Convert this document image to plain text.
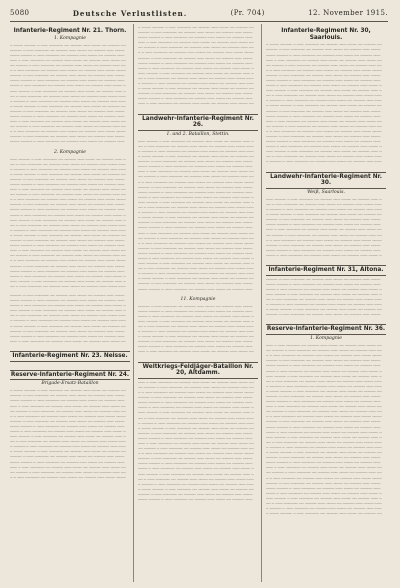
5080	Deutsche Verlustlisten.	(Pr. 704)	12. November 1915.
Infanterie-Regiment Nr. 21. Thorn.
1. Kompagnie
┄ ┄┄┄┄ ┄┄┄┄┄ ┄ ┄┄┄ ┄┄┄┄┄┄ ┄┄ ┄┄┄┄┄ ┄┄┄ ┄┄┄┄ ┄┄ ┄┄┄┄┄ ┄┄
┄┄┄┄┄ ┄ ┄┄┄ ┄┄┄┄┄┄ ┄┄ ┄┄┄┄┄ ┄┄┄ ┄┄┄┄ ┄┄ ┄┄┄┄┄ ┄┄┄ ┄┄┄┄
┄┄┄┄ ┄┄┄┄┄ ┄ ┄┄┄ ┄┄┄┄┄┄ ┄┄ ┄┄┄┄┄ ┄┄┄ ┄┄┄┄ ┄┄ ┄┄┄┄┄ ┄┄┄
┄┄┄ ┄ ┄┄┄ ┄┄┄┄┄┄ ┄┄ ┄┄┄┄┄ ┄┄┄ ┄┄┄┄ ┄┄ ┄┄┄┄┄ ┄┄┄ ┄┄┄┄ ┄┄
┄┄ ┄┄┄┄┄ ┄ ┄┄┄ ┄┄┄┄┄┄ ┄┄ ┄┄┄┄┄ ┄┄┄ ┄┄┄┄ ┄┄ ┄┄┄┄┄ ┄┄┄ ┄┄
┄ ┄ ┄┄┄ ┄┄┄┄┄┄ ┄┄ ┄┄┄┄┄ ┄┄┄ ┄┄┄┄ ┄┄ ┄┄┄┄┄ ┄┄┄ ┄┄┄┄ ┄┄┄┄
┄┄┄┄┄ ┄ ┄┄┄ ┄┄┄┄┄┄ ┄┄ ┄┄┄┄┄ ┄┄┄ ┄┄┄┄ ┄┄ ┄┄┄┄┄ ┄┄┄ ┄┄┄┄
┄┄┄┄ ┄┄┄┄┄ ┄ ┄┄┄ ┄┄┄┄┄┄ ┄┄ ┄┄┄┄┄ ┄┄┄ ┄┄┄┄ ┄┄ ┄┄┄┄┄ ┄┄┄
┄┄┄┄ ┄ ┄┄┄ ┄┄┄┄┄┄ ┄┄ ┄┄┄┄┄ ┄┄┄ ┄┄┄┄ ┄┄ ┄┄┄┄┄ ┄┄┄ ┄┄┄┄ ┄
┄┄┄ ┄┄┄┄┄ ┄ ┄┄┄ ┄┄┄┄┄┄ ┄┄ ┄┄┄┄┄ ┄┄┄ ┄┄┄┄ ┄┄ ┄┄┄┄┄ ┄┄┄ ┄
┄┄ ┄ ┄┄┄ ┄┄┄┄┄┄ ┄┄ ┄┄┄┄┄ ┄┄┄ ┄┄┄┄ ┄┄ ┄┄┄┄┄ ┄┄┄ ┄┄┄┄ ┄┄┄
┄ ┄┄┄┄┄ ┄ ┄┄┄ ┄┄┄┄┄┄ ┄┄ ┄┄┄┄┄ ┄┄┄ ┄┄┄┄ ┄┄ ┄┄┄┄┄ ┄┄┄ ┄┄┄
┄ ┄┄┄┄ ┄┄┄┄┄ ┄ ┄┄┄ ┄┄┄┄┄┄ ┄┄ ┄┄┄┄┄ ┄┄┄ ┄┄┄┄ ┄┄ ┄┄┄┄┄ ┄┄
┄┄┄┄┄ ┄ ┄┄┄ ┄┄┄┄┄┄ ┄┄ ┄┄┄┄┄ ┄┄┄ ┄┄┄┄ ┄┄ ┄┄┄┄┄ ┄┄┄ ┄┄┄┄
┄┄┄┄ ┄┄┄┄┄ ┄ ┄┄┄ ┄┄┄┄┄┄ ┄┄ ┄┄┄┄┄ ┄┄┄ ┄┄┄┄ ┄┄ ┄┄┄┄┄ ┄┄┄
┄┄┄ ┄ ┄┄┄ ┄┄┄┄┄┄ ┄┄ ┄┄┄┄┄ ┄┄┄ ┄┄┄┄ ┄┄ ┄┄┄┄┄ ┄┄┄ ┄┄┄┄ ┄┄
┄┄ ┄┄┄┄┄ ┄ ┄┄┄ ┄┄┄┄┄┄ ┄┄ ┄┄┄┄┄ ┄┄┄ ┄┄┄┄ ┄┄ ┄┄┄┄┄ ┄┄┄ ┄┄
┄ ┄ ┄┄┄ ┄┄┄┄┄┄ ┄┄ ┄┄┄┄┄ ┄┄┄ ┄┄┄┄ ┄┄ ┄┄┄┄┄ ┄┄┄ ┄┄┄┄ ┄┄┄┄
┄┄┄┄┄ ┄ ┄┄┄ ┄┄┄┄┄┄ ┄┄ ┄┄┄┄┄ ┄┄┄ ┄┄┄┄ ┄┄ ┄┄┄┄┄ ┄┄┄ ┄┄┄┄
┄┄┄┄ ┄┄┄┄┄ ┄ ┄┄┄ ┄┄┄┄┄┄ ┄┄ ┄┄┄┄┄ ┄┄┄ ┄┄┄┄ ┄┄ ┄┄┄┄┄ ┄┄┄
2. Kompagnie
┄┄┄ ┄┄┄┄┄ ┄ ┄┄┄ ┄┄┄┄┄┄ ┄┄ ┄┄┄┄┄ ┄┄┄ ┄┄┄┄ ┄┄ ┄┄┄┄┄ ┄┄┄ ┄
┄┄ ┄ ┄┄┄ ┄┄┄┄┄┄ ┄┄ ┄┄┄┄┄ ┄┄┄ ┄┄┄┄ ┄┄ ┄┄┄┄┄ ┄┄┄ ┄┄┄┄ ┄┄┄
┄ ┄┄┄┄┄ ┄ ┄┄┄ ┄┄┄┄┄┄ ┄┄ ┄┄┄┄┄ ┄┄┄ ┄┄┄┄ ┄┄ ┄┄┄┄┄ ┄┄┄ ┄┄┄
┄ ┄┄┄┄ ┄┄┄┄┄ ┄ ┄┄┄ ┄┄┄┄┄┄ ┄┄ ┄┄┄┄┄ ┄┄┄ ┄┄┄┄ ┄┄ ┄┄┄┄┄ ┄┄
┄┄┄┄┄ ┄ ┄┄┄ ┄┄┄┄┄┄ ┄┄ ┄┄┄┄┄ ┄┄┄ ┄┄┄┄ ┄┄ ┄┄┄┄┄ ┄┄┄ ┄┄┄┄
┄┄┄┄ ┄┄┄┄┄ ┄ ┄┄┄ ┄┄┄┄┄┄ ┄┄ ┄┄┄┄┄ ┄┄┄ ┄┄┄┄ ┄┄ ┄┄┄┄┄ ┄┄┄
┄┄┄ ┄ ┄┄┄ ┄┄┄┄┄┄ ┄┄ ┄┄┄┄┄ ┄┄┄ ┄┄┄┄ ┄┄ ┄┄┄┄┄ ┄┄┄ ┄┄┄┄ ┄┄
┄┄ ┄┄┄┄┄ ┄ ┄┄┄ ┄┄┄┄┄┄ ┄┄ ┄┄┄┄┄ ┄┄┄ ┄┄┄┄ ┄┄ ┄┄┄┄┄ ┄┄┄ ┄┄
┄ ┄ ┄┄┄ ┄┄┄┄┄┄ ┄┄ ┄┄┄┄┄ ┄┄┄ ┄┄┄┄ ┄┄ ┄┄┄┄┄ ┄┄┄ ┄┄┄┄ ┄┄┄┄
┄┄┄┄┄ ┄ ┄┄┄ ┄┄┄┄┄┄ ┄┄ ┄┄┄┄┄ ┄┄┄ ┄┄┄┄ ┄┄ ┄┄┄┄┄ ┄┄┄ ┄┄┄┄
┄┄┄┄ ┄┄┄┄┄ ┄ ┄┄┄ ┄┄┄┄┄┄ ┄┄ ┄┄┄┄┄ ┄┄┄ ┄┄┄┄ ┄┄ ┄┄┄┄┄ ┄┄┄
┄┄┄┄ ┄ ┄┄┄ ┄┄┄┄┄┄ ┄┄ ┄┄┄┄┄ ┄┄┄ ┄┄┄┄ ┄┄ ┄┄┄┄┄ ┄┄┄ ┄┄┄┄ ┄
┄┄┄ ┄┄┄┄┄ ┄ ┄┄┄ ┄┄┄┄┄┄ ┄┄ ┄┄┄┄┄ ┄┄┄ ┄┄┄┄ ┄┄ ┄┄┄┄┄ ┄┄┄ ┄
┄┄ ┄ ┄┄┄ ┄┄┄┄┄┄ ┄┄ ┄┄┄┄┄ ┄┄┄ ┄┄┄┄ ┄┄ ┄┄┄┄┄ ┄┄┄ ┄┄┄┄ ┄┄┄
┄ ┄┄┄┄┄ ┄ ┄┄┄ ┄┄┄┄┄┄ ┄┄ ┄┄┄┄┄ ┄┄┄ ┄┄┄┄ ┄┄ ┄┄┄┄┄ ┄┄┄ ┄┄┄
┄ ┄┄┄┄ ┄┄┄┄┄ ┄ ┄┄┄ ┄┄┄┄┄┄ ┄┄ ┄┄┄┄┄ ┄┄┄ ┄┄┄┄ ┄┄ ┄┄┄┄┄ ┄┄
┄┄┄┄┄ ┄ ┄┄┄ ┄┄┄┄┄┄ ┄┄ ┄┄┄┄┄ ┄┄┄ ┄┄┄┄ ┄┄ ┄┄┄┄┄ ┄┄┄ ┄┄┄┄
┄┄┄┄ ┄┄┄┄┄ ┄ ┄┄┄ ┄┄┄┄┄┄ ┄┄ ┄┄┄┄┄ ┄┄┄ ┄┄┄┄ ┄┄ ┄┄┄┄┄ ┄┄┄
┄┄┄ ┄ ┄┄┄ ┄┄┄┄┄┄ ┄┄ ┄┄┄┄┄ ┄┄┄ ┄┄┄┄ ┄┄ ┄┄┄┄┄ ┄┄┄ ┄┄┄┄ ┄┄
┄┄ ┄┄┄┄┄ ┄ ┄┄┄ ┄┄┄┄┄┄ ┄┄ ┄┄┄┄┄ ┄┄┄ ┄┄┄┄ ┄┄ ┄┄┄┄┄ ┄┄┄ ┄┄
┄ ┄ ┄┄┄ ┄┄┄┄┄┄ ┄┄ ┄┄┄┄┄ ┄┄┄ ┄┄┄┄ ┄┄ ┄┄┄┄┄ ┄┄┄ ┄┄┄┄ ┄┄┄┄
┄┄┄┄┄ ┄ ┄┄┄ ┄┄┄┄┄┄ ┄┄ ┄┄┄┄┄ ┄┄┄ ┄┄┄┄ ┄┄ ┄┄┄┄┄ ┄┄┄ ┄┄┄┄
┄┄┄┄ ┄┄┄┄┄ ┄ ┄┄┄ ┄┄┄┄┄┄ ┄┄ ┄┄┄┄┄ ┄┄┄ ┄┄┄┄ ┄┄ ┄┄┄┄┄ ┄┄┄
┄┄┄┄ ┄ ┄┄┄ ┄┄┄┄┄┄ ┄┄ ┄┄┄┄┄ ┄┄┄ ┄┄┄┄ ┄┄ ┄┄┄┄┄ ┄┄┄ ┄┄┄┄ ┄
┄┄┄ ┄┄┄┄┄ ┄ ┄┄┄ ┄┄┄┄┄┄ ┄┄ ┄┄┄┄┄ ┄┄┄ ┄┄┄┄ ┄┄ ┄┄┄┄┄ ┄┄┄ ┄
┄┄ ┄ ┄┄┄ ┄┄┄┄┄┄ ┄┄ ┄┄┄┄┄ ┄┄┄ ┄┄┄┄ ┄┄ ┄┄┄┄┄ ┄┄┄ ┄┄┄┄ ┄┄┄
┄┄┄┄┄ ┄ ┄┄┄ ┄┄┄┄┄┄ ┄┄ ┄┄┄┄┄ ┄┄┄ ┄┄┄┄ ┄┄ ┄┄┄┄┄ ┄┄┄ ┄┄┄┄
┄┄┄┄ ┄┄┄┄┄ ┄ ┄┄┄ ┄┄┄┄┄┄ ┄┄ ┄┄┄┄┄ ┄┄┄ ┄┄┄┄ ┄┄ ┄┄┄┄┄ ┄┄┄
┄┄┄┄ ┄ ┄┄┄ ┄┄┄┄┄┄ ┄┄ ┄┄┄┄┄ ┄┄┄ ┄┄┄┄ ┄┄ ┄┄┄┄┄ ┄┄┄ ┄┄┄┄ ┄
┄┄┄ ┄┄┄┄┄ ┄ ┄┄┄ ┄┄┄┄┄┄ ┄┄ ┄┄┄┄┄ ┄┄┄ ┄┄┄┄ ┄┄ ┄┄┄┄┄ ┄┄┄ ┄
┄┄ ┄ ┄┄┄ ┄┄┄┄┄┄ ┄┄ ┄┄┄┄┄ ┄┄┄ ┄┄┄┄ ┄┄ ┄┄┄┄┄ ┄┄┄ ┄┄┄┄ ┄┄┄
┄ ┄┄┄┄┄ ┄ ┄┄┄ ┄┄┄┄┄┄ ┄┄ ┄┄┄┄┄ ┄┄┄ ┄┄┄┄ ┄┄ ┄┄┄┄┄ ┄┄┄ ┄┄┄
┄ ┄┄┄┄ ┄┄┄┄┄ ┄ ┄┄┄ ┄┄┄┄┄┄ ┄┄ ┄┄┄┄┄ ┄┄┄ ┄┄┄┄ ┄┄ ┄┄┄┄┄ ┄┄
┄┄┄┄┄ ┄ ┄┄┄ ┄┄┄┄┄┄ ┄┄ ┄┄┄┄┄ ┄┄┄ ┄┄┄┄ ┄┄ ┄┄┄┄┄ ┄┄┄ ┄┄┄┄
┄┄┄┄ ┄┄┄┄┄ ┄ ┄┄┄ ┄┄┄┄┄┄ ┄┄ ┄┄┄┄┄ ┄┄┄ ┄┄┄┄ ┄┄ ┄┄┄┄┄ ┄┄┄
┄┄┄ ┄ ┄┄┄ ┄┄┄┄┄┄ ┄┄ ┄┄┄┄┄ ┄┄┄ ┄┄┄┄ ┄┄ ┄┄┄┄┄ ┄┄┄ ┄┄┄┄ ┄┄
Infanterie-Regiment Nr. 23. Neisse.
Reserve-Infanterie-Regiment Nr. 24.
Brigade-Ersatz-Bataillon
┄ ┄┄┄┄ ┄┄┄┄┄ ┄ ┄┄┄ ┄┄┄┄┄┄ ┄┄ ┄┄┄┄┄ ┄┄┄ ┄┄┄┄ ┄┄ ┄┄┄┄┄ ┄┄
┄┄┄┄┄ ┄ ┄┄┄ ┄┄┄┄┄┄ ┄┄ ┄┄┄┄┄ ┄┄┄ ┄┄┄┄ ┄┄ ┄┄┄┄┄ ┄┄┄ ┄┄┄┄
┄┄┄┄ ┄┄┄┄┄ ┄ ┄┄┄ ┄┄┄┄┄┄ ┄┄ ┄┄┄┄┄ ┄┄┄ ┄┄┄┄ ┄┄ ┄┄┄┄┄ ┄┄┄
┄┄┄ ┄ ┄┄┄ ┄┄┄┄┄┄ ┄┄ ┄┄┄┄┄ ┄┄┄ ┄┄┄┄ ┄┄ ┄┄┄┄┄ ┄┄┄ ┄┄┄┄ ┄┄
┄┄ ┄┄┄┄┄ ┄ ┄┄┄ ┄┄┄┄┄┄ ┄┄ ┄┄┄┄┄ ┄┄┄ ┄┄┄┄ ┄┄ ┄┄┄┄┄ ┄┄┄ ┄┄
┄ ┄ ┄┄┄ ┄┄┄┄┄┄ ┄┄ ┄┄┄┄┄ ┄┄┄ ┄┄┄┄ ┄┄ ┄┄┄┄┄ ┄┄┄ ┄┄┄┄ ┄┄┄┄
┄┄┄┄┄ ┄ ┄┄┄ ┄┄┄┄┄┄ ┄┄ ┄┄┄┄┄ ┄┄┄ ┄┄┄┄ ┄┄ ┄┄┄┄┄ ┄┄┄ ┄┄┄┄
┄┄┄┄ ┄┄┄┄┄ ┄ ┄┄┄ ┄┄┄┄┄┄ ┄┄ ┄┄┄┄┄ ┄┄┄ ┄┄┄┄ ┄┄ ┄┄┄┄┄ ┄┄┄
┄┄┄┄ ┄ ┄┄┄ ┄┄┄┄┄┄ ┄┄ ┄┄┄┄┄ ┄┄┄ ┄┄┄┄ ┄┄ ┄┄┄┄┄ ┄┄┄ ┄┄┄┄ ┄
┄┄┄ ┄┄┄┄┄ ┄ ┄┄┄ ┄┄┄┄┄┄ ┄┄ ┄┄┄┄┄ ┄┄┄ ┄┄┄┄ ┄┄ ┄┄┄┄┄ ┄┄┄ ┄
┄┄ ┄ ┄┄┄ ┄┄┄┄┄┄ ┄┄ ┄┄┄┄┄ ┄┄┄ ┄┄┄┄ ┄┄ ┄┄┄┄┄ ┄┄┄ ┄┄┄┄ ┄┄┄
┄ ┄┄┄┄┄ ┄ ┄┄┄ ┄┄┄┄┄┄ ┄┄ ┄┄┄┄┄ ┄┄┄ ┄┄┄┄ ┄┄ ┄┄┄┄┄ ┄┄┄ ┄┄┄
┄ ┄┄┄┄ ┄┄┄┄┄ ┄ ┄┄┄ ┄┄┄┄┄┄ ┄┄ ┄┄┄┄┄ ┄┄┄ ┄┄┄┄ ┄┄ ┄┄┄┄┄ ┄┄
┄┄┄┄┄ ┄ ┄┄┄ ┄┄┄┄┄┄ ┄┄ ┄┄┄┄┄ ┄┄┄ ┄┄┄┄ ┄┄ ┄┄┄┄┄ ┄┄┄ ┄┄┄┄
┄┄┄┄ ┄┄┄┄┄ ┄ ┄┄┄ ┄┄┄┄┄┄ ┄┄ ┄┄┄┄┄ ┄┄┄ ┄┄┄┄ ┄┄ ┄┄┄┄┄ ┄┄┄
┄┄┄ ┄ ┄┄┄ ┄┄┄┄┄┄ ┄┄ ┄┄┄┄┄ ┄┄┄ ┄┄┄┄ ┄┄ ┄┄┄┄┄ ┄┄┄ ┄┄┄┄ ┄┄
┄┄ ┄┄┄┄┄ ┄ ┄┄┄ ┄┄┄┄┄┄ ┄┄ ┄┄┄┄┄ ┄┄┄ ┄┄┄┄ ┄┄ ┄┄┄┄┄ ┄┄┄ ┄┄
┄ ┄ ┄┄┄ ┄┄┄┄┄┄ ┄┄ ┄┄┄┄┄ ┄┄┄ ┄┄┄┄ ┄┄ ┄┄┄┄┄ ┄┄┄ ┄┄┄┄ ┄┄┄┄
┄ ┄┄┄┄ ┄┄┄┄┄ ┄ ┄┄┄ ┄┄┄┄┄┄ ┄┄ ┄┄┄┄┄ ┄┄┄ ┄┄┄┄ ┄┄ ┄┄┄┄┄ ┄┄
┄┄┄┄┄ ┄ ┄┄┄ ┄┄┄┄┄┄ ┄┄ ┄┄┄┄┄ ┄┄┄ ┄┄┄┄ ┄┄ ┄┄┄┄┄ ┄┄┄ ┄┄┄┄
┄┄┄┄ ┄┄┄┄┄ ┄ ┄┄┄ ┄┄┄┄┄┄ ┄┄ ┄┄┄┄┄ ┄┄┄ ┄┄┄┄ ┄┄ ┄┄┄┄┄ ┄┄┄
┄┄┄ ┄ ┄┄┄ ┄┄┄┄┄┄ ┄┄ ┄┄┄┄┄ ┄┄┄ ┄┄┄┄ ┄┄ ┄┄┄┄┄ ┄┄┄ ┄┄┄┄ ┄┄
┄┄ ┄┄┄┄┄ ┄ ┄┄┄ ┄┄┄┄┄┄ ┄┄ ┄┄┄┄┄ ┄┄┄ ┄┄┄┄ ┄┄ ┄┄┄┄┄ ┄┄┄ ┄┄
┄ ┄ ┄┄┄ ┄┄┄┄┄┄ ┄┄ ┄┄┄┄┄ ┄┄┄ ┄┄┄┄ ┄┄ ┄┄┄┄┄ ┄┄┄ ┄┄┄┄ ┄┄┄┄
┄┄┄┄┄ ┄ ┄┄┄ ┄┄┄┄┄┄ ┄┄ ┄┄┄┄┄ ┄┄┄ ┄┄┄┄ ┄┄ ┄┄┄┄┄ ┄┄┄ ┄┄┄┄
┄┄┄┄ ┄┄┄┄┄ ┄ ┄┄┄ ┄┄┄┄┄┄ ┄┄ ┄┄┄┄┄ ┄┄┄ ┄┄┄┄ ┄┄ ┄┄┄┄┄ ┄┄┄
┄┄┄┄ ┄ ┄┄┄ ┄┄┄┄┄┄ ┄┄ ┄┄┄┄┄ ┄┄┄ ┄┄┄┄ ┄┄ ┄┄┄┄┄ ┄┄┄ ┄┄┄┄ ┄
┄┄┄ ┄┄┄┄┄ ┄ ┄┄┄ ┄┄┄┄┄┄ ┄┄ ┄┄┄┄┄ ┄┄┄ ┄┄┄┄ ┄┄ ┄┄┄┄┄ ┄┄┄ ┄
┄┄ ┄ ┄┄┄ ┄┄┄┄┄┄ ┄┄ ┄┄┄┄┄ ┄┄┄ ┄┄┄┄ ┄┄ ┄┄┄┄┄ ┄┄┄ ┄┄┄┄ ┄┄┄
┄ ┄┄┄┄┄ ┄ ┄┄┄ ┄┄┄┄┄┄ ┄┄ ┄┄┄┄┄ ┄┄┄ ┄┄┄┄ ┄┄ ┄┄┄┄┄ ┄┄┄ ┄┄┄
┄ ┄┄┄┄ ┄┄┄┄┄ ┄ ┄┄┄ ┄┄┄┄┄┄ ┄┄ ┄┄┄┄┄ ┄┄┄ ┄┄┄┄ ┄┄ ┄┄┄┄┄ ┄┄
┄┄┄┄┄ ┄ ┄┄┄ ┄┄┄┄┄┄ ┄┄ ┄┄┄┄┄ ┄┄┄ ┄┄┄┄ ┄┄ ┄┄┄┄┄ ┄┄┄ ┄┄┄┄
┄┄┄┄ ┄┄┄┄┄ ┄ ┄┄┄ ┄┄┄┄┄┄ ┄┄ ┄┄┄┄┄ ┄┄┄ ┄┄┄┄ ┄┄ ┄┄┄┄┄ ┄┄┄
┄┄┄ ┄ ┄┄┄ ┄┄┄┄┄┄ ┄┄ ┄┄┄┄┄ ┄┄┄ ┄┄┄┄ ┄┄ ┄┄┄┄┄ ┄┄┄ ┄┄┄┄ ┄┄
Landwehr-Infanterie-Regiment Nr. 26.
1. und 2. Bataillon, Stettin.
┄┄┄ ┄┄┄┄┄ ┄ ┄┄┄ ┄┄┄┄┄┄ ┄┄ ┄┄┄┄┄ ┄┄┄ ┄┄┄┄ ┄┄ ┄┄┄┄┄ ┄┄┄ ┄
┄┄ ┄ ┄┄┄ ┄┄┄┄┄┄ ┄┄ ┄┄┄┄┄ ┄┄┄ ┄┄┄┄ ┄┄ ┄┄┄┄┄ ┄┄┄ ┄┄┄┄ ┄┄┄
┄ ┄┄┄┄┄ ┄ ┄┄┄ ┄┄┄┄┄┄ ┄┄ ┄┄┄┄┄ ┄┄┄ ┄┄┄┄ ┄┄ ┄┄┄┄┄ ┄┄┄ ┄┄┄
┄ ┄┄┄┄ ┄┄┄┄┄ ┄ ┄┄┄ ┄┄┄┄┄┄ ┄┄ ┄┄┄┄┄ ┄┄┄ ┄┄┄┄ ┄┄ ┄┄┄┄┄ ┄┄
┄┄┄┄┄ ┄ ┄┄┄ ┄┄┄┄┄┄ ┄┄ ┄┄┄┄┄ ┄┄┄ ┄┄┄┄ ┄┄ ┄┄┄┄┄ ┄┄┄ ┄┄┄┄
┄┄┄┄ ┄┄┄┄┄ ┄ ┄┄┄ ┄┄┄┄┄┄ ┄┄ ┄┄┄┄┄ ┄┄┄ ┄┄┄┄ ┄┄ ┄┄┄┄┄ ┄┄┄
┄┄┄ ┄ ┄┄┄ ┄┄┄┄┄┄ ┄┄ ┄┄┄┄┄ ┄┄┄ ┄┄┄┄ ┄┄ ┄┄┄┄┄ ┄┄┄ ┄┄┄┄ ┄┄
┄┄ ┄┄┄┄┄ ┄ ┄┄┄ ┄┄┄┄┄┄ ┄┄ ┄┄┄┄┄ ┄┄┄ ┄┄┄┄ ┄┄ ┄┄┄┄┄ ┄┄┄ ┄┄
┄ ┄ ┄┄┄ ┄┄┄┄┄┄ ┄┄ ┄┄┄┄┄ ┄┄┄ ┄┄┄┄ ┄┄ ┄┄┄┄┄ ┄┄┄ ┄┄┄┄ ┄┄┄┄
┄┄┄┄┄ ┄ ┄┄┄ ┄┄┄┄┄┄ ┄┄ ┄┄┄┄┄ ┄┄┄ ┄┄┄┄ ┄┄ ┄┄┄┄┄ ┄┄┄ ┄┄┄┄
┄┄┄┄ ┄┄┄┄┄ ┄ ┄┄┄ ┄┄┄┄┄┄ ┄┄ ┄┄┄┄┄ ┄┄┄ ┄┄┄┄ ┄┄ ┄┄┄┄┄ ┄┄┄
┄┄┄┄ ┄ ┄┄┄ ┄┄┄┄┄┄ ┄┄ ┄┄┄┄┄ ┄┄┄ ┄┄┄┄ ┄┄ ┄┄┄┄┄ ┄┄┄ ┄┄┄┄ ┄
┄┄┄ ┄┄┄┄┄ ┄ ┄┄┄ ┄┄┄┄┄┄ ┄┄ ┄┄┄┄┄ ┄┄┄ ┄┄┄┄ ┄┄ ┄┄┄┄┄ ┄┄┄ ┄
┄┄ ┄ ┄┄┄ ┄┄┄┄┄┄ ┄┄ ┄┄┄┄┄ ┄┄┄ ┄┄┄┄ ┄┄ ┄┄┄┄┄ ┄┄┄ ┄┄┄┄ ┄┄┄
┄ ┄┄┄┄┄ ┄ ┄┄┄ ┄┄┄┄┄┄ ┄┄ ┄┄┄┄┄ ┄┄┄ ┄┄┄┄ ┄┄ ┄┄┄┄┄ ┄┄┄ ┄┄┄
┄ ┄┄┄┄ ┄┄┄┄┄ ┄ ┄┄┄ ┄┄┄┄┄┄ ┄┄ ┄┄┄┄┄ ┄┄┄ ┄┄┄┄ ┄┄ ┄┄┄┄┄ ┄┄
┄┄┄┄┄ ┄ ┄┄┄ ┄┄┄┄┄┄ ┄┄ ┄┄┄┄┄ ┄┄┄ ┄┄┄┄ ┄┄ ┄┄┄┄┄ ┄┄┄ ┄┄┄┄
┄┄┄┄ ┄┄┄┄┄ ┄ ┄┄┄ ┄┄┄┄┄┄ ┄┄ ┄┄┄┄┄ ┄┄┄ ┄┄┄┄ ┄┄ ┄┄┄┄┄ ┄┄┄
┄┄┄ ┄ ┄┄┄ ┄┄┄┄┄┄ ┄┄ ┄┄┄┄┄ ┄┄┄ ┄┄┄┄ ┄┄ ┄┄┄┄┄ ┄┄┄ ┄┄┄┄ ┄┄
┄┄ ┄┄┄┄┄ ┄ ┄┄┄ ┄┄┄┄┄┄ ┄┄ ┄┄┄┄┄ ┄┄┄ ┄┄┄┄ ┄┄ ┄┄┄┄┄ ┄┄┄ ┄┄
┄ ┄ ┄┄┄ ┄┄┄┄┄┄ ┄┄ ┄┄┄┄┄ ┄┄┄ ┄┄┄┄ ┄┄ ┄┄┄┄┄ ┄┄┄ ┄┄┄┄ ┄┄┄┄
┄┄┄┄┄ ┄ ┄┄┄ ┄┄┄┄┄┄ ┄┄ ┄┄┄┄┄ ┄┄┄ ┄┄┄┄ ┄┄ ┄┄┄┄┄ ┄┄┄ ┄┄┄┄
┄┄┄┄ ┄┄┄┄┄ ┄ ┄┄┄ ┄┄┄┄┄┄ ┄┄ ┄┄┄┄┄ ┄┄┄ ┄┄┄┄ ┄┄ ┄┄┄┄┄ ┄┄┄
┄┄┄┄ ┄ ┄┄┄ ┄┄┄┄┄┄ ┄┄ ┄┄┄┄┄ ┄┄┄ ┄┄┄┄ ┄┄ ┄┄┄┄┄ ┄┄┄ ┄┄┄┄ ┄
┄┄┄ ┄┄┄┄┄ ┄ ┄┄┄ ┄┄┄┄┄┄ ┄┄ ┄┄┄┄┄ ┄┄┄ ┄┄┄┄ ┄┄ ┄┄┄┄┄ ┄┄┄ ┄
┄┄ ┄ ┄┄┄ ┄┄┄┄┄┄ ┄┄ ┄┄┄┄┄ ┄┄┄ ┄┄┄┄ ┄┄ ┄┄┄┄┄ ┄┄┄ ┄┄┄┄ ┄┄┄
┄ ┄┄┄┄┄ ┄ ┄┄┄ ┄┄┄┄┄┄ ┄┄ ┄┄┄┄┄ ┄┄┄ ┄┄┄┄ ┄┄ ┄┄┄┄┄ ┄┄┄ ┄┄┄
┄ ┄┄┄┄ ┄┄┄┄┄ ┄ ┄┄┄ ┄┄┄┄┄┄ ┄┄ ┄┄┄┄┄ ┄┄┄ ┄┄┄┄ ┄┄ ┄┄┄┄┄ ┄┄
┄┄┄┄┄ ┄ ┄┄┄ ┄┄┄┄┄┄ ┄┄ ┄┄┄┄┄ ┄┄┄ ┄┄┄┄ ┄┄ ┄┄┄┄┄ ┄┄┄ ┄┄┄┄
┄┄┄┄ ┄┄┄┄┄ ┄ ┄┄┄ ┄┄┄┄┄┄ ┄┄ ┄┄┄┄┄ ┄┄┄ ┄┄┄┄ ┄┄ ┄┄┄┄┄ ┄┄┄
11. Kompagnie
┄┄┄┄┄ ┄ ┄┄┄ ┄┄┄┄┄┄ ┄┄ ┄┄┄┄┄ ┄┄┄ ┄┄┄┄ ┄┄ ┄┄┄┄┄ ┄┄┄ ┄┄┄┄
┄┄┄┄ ┄┄┄┄┄ ┄ ┄┄┄ ┄┄┄┄┄┄ ┄┄ ┄┄┄┄┄ ┄┄┄ ┄┄┄┄ ┄┄ ┄┄┄┄┄ ┄┄┄
┄┄┄┄ ┄ ┄┄┄ ┄┄┄┄┄┄ ┄┄ ┄┄┄┄┄ ┄┄┄ ┄┄┄┄ ┄┄ ┄┄┄┄┄ ┄┄┄ ┄┄┄┄ ┄
┄┄┄ ┄┄┄┄┄ ┄ ┄┄┄ ┄┄┄┄┄┄ ┄┄ ┄┄┄┄┄ ┄┄┄ ┄┄┄┄ ┄┄ ┄┄┄┄┄ ┄┄┄ ┄
┄┄ ┄ ┄┄┄ ┄┄┄┄┄┄ ┄┄ ┄┄┄┄┄ ┄┄┄ ┄┄┄┄ ┄┄ ┄┄┄┄┄ ┄┄┄ ┄┄┄┄ ┄┄┄
┄ ┄┄┄┄┄ ┄ ┄┄┄ ┄┄┄┄┄┄ ┄┄ ┄┄┄┄┄ ┄┄┄ ┄┄┄┄ ┄┄ ┄┄┄┄┄ ┄┄┄ ┄┄┄
┄ ┄┄┄┄ ┄┄┄┄┄ ┄ ┄┄┄ ┄┄┄┄┄┄ ┄┄ ┄┄┄┄┄ ┄┄┄ ┄┄┄┄ ┄┄ ┄┄┄┄┄ ┄┄
┄┄┄┄┄ ┄ ┄┄┄ ┄┄┄┄┄┄ ┄┄ ┄┄┄┄┄ ┄┄┄ ┄┄┄┄ ┄┄ ┄┄┄┄┄ ┄┄┄ ┄┄┄┄
┄┄┄┄ ┄┄┄┄┄ ┄ ┄┄┄ ┄┄┄┄┄┄ ┄┄ ┄┄┄┄┄ ┄┄┄ ┄┄┄┄ ┄┄ ┄┄┄┄┄ ┄┄┄
┄┄┄ ┄ ┄┄┄ ┄┄┄┄┄┄ ┄┄ ┄┄┄┄┄ ┄┄┄ ┄┄┄┄ ┄┄ ┄┄┄┄┄ ┄┄┄ ┄┄┄┄ ┄┄
Weltkriegs-Feldjäger-Bataillon Nr. 20, Altdamm.
┄┄┄ ┄ ┄┄┄ ┄┄┄┄┄┄ ┄┄ ┄┄┄┄┄ ┄┄┄ ┄┄┄┄ ┄┄ ┄┄┄┄┄ ┄┄┄ ┄┄┄┄ ┄┄
┄┄ ┄┄┄┄┄ ┄ ┄┄┄ ┄┄┄┄┄┄ ┄┄ ┄┄┄┄┄ ┄┄┄ ┄┄┄┄ ┄┄ ┄┄┄┄┄ ┄┄┄ ┄┄
┄ ┄ ┄┄┄ ┄┄┄┄┄┄ ┄┄ ┄┄┄┄┄ ┄┄┄ ┄┄┄┄ ┄┄ ┄┄┄┄┄ ┄┄┄ ┄┄┄┄ ┄┄┄┄
┄┄┄┄┄ ┄ ┄┄┄ ┄┄┄┄┄┄ ┄┄ ┄┄┄┄┄ ┄┄┄ ┄┄┄┄ ┄┄ ┄┄┄┄┄ ┄┄┄ ┄┄┄┄
┄┄┄┄ ┄┄┄┄┄ ┄ ┄┄┄ ┄┄┄┄┄┄ ┄┄ ┄┄┄┄┄ ┄┄┄ ┄┄┄┄ ┄┄ ┄┄┄┄┄ ┄┄┄
┄┄┄┄ ┄ ┄┄┄ ┄┄┄┄┄┄ ┄┄ ┄┄┄┄┄ ┄┄┄ ┄┄┄┄ ┄┄ ┄┄┄┄┄ ┄┄┄ ┄┄┄┄ ┄
┄┄┄ ┄┄┄┄┄ ┄ ┄┄┄ ┄┄┄┄┄┄ ┄┄ ┄┄┄┄┄ ┄┄┄ ┄┄┄┄ ┄┄ ┄┄┄┄┄ ┄┄┄ ┄
┄┄ ┄ ┄┄┄ ┄┄┄┄┄┄ ┄┄ ┄┄┄┄┄ ┄┄┄ ┄┄┄┄ ┄┄ ┄┄┄┄┄ ┄┄┄ ┄┄┄┄ ┄┄┄
┄ ┄┄┄┄┄ ┄ ┄┄┄ ┄┄┄┄┄┄ ┄┄ ┄┄┄┄┄ ┄┄┄ ┄┄┄┄ ┄┄ ┄┄┄┄┄ ┄┄┄ ┄┄┄
┄ ┄┄┄┄ ┄┄┄┄┄ ┄ ┄┄┄ ┄┄┄┄┄┄ ┄┄ ┄┄┄┄┄ ┄┄┄ ┄┄┄┄ ┄┄ ┄┄┄┄┄ ┄┄
┄┄┄┄┄ ┄ ┄┄┄ ┄┄┄┄┄┄ ┄┄ ┄┄┄┄┄ ┄┄┄ ┄┄┄┄ ┄┄ ┄┄┄┄┄ ┄┄┄ ┄┄┄┄
┄┄┄┄ ┄┄┄┄┄ ┄ ┄┄┄ ┄┄┄┄┄┄ ┄┄ ┄┄┄┄┄ ┄┄┄ ┄┄┄┄ ┄┄ ┄┄┄┄┄ ┄┄┄
┄┄┄ ┄ ┄┄┄ ┄┄┄┄┄┄ ┄┄ ┄┄┄┄┄ ┄┄┄ ┄┄┄┄ ┄┄ ┄┄┄┄┄ ┄┄┄ ┄┄┄┄ ┄┄
┄┄ ┄┄┄┄┄ ┄ ┄┄┄ ┄┄┄┄┄┄ ┄┄ ┄┄┄┄┄ ┄┄┄ ┄┄┄┄ ┄┄ ┄┄┄┄┄ ┄┄┄ ┄┄
┄ ┄ ┄┄┄ ┄┄┄┄┄┄ ┄┄ ┄┄┄┄┄ ┄┄┄ ┄┄┄┄ ┄┄ ┄┄┄┄┄ ┄┄┄ ┄┄┄┄ ┄┄┄┄
┄┄┄┄┄ ┄ ┄┄┄ ┄┄┄┄┄┄ ┄┄ ┄┄┄┄┄ ┄┄┄ ┄┄┄┄ ┄┄ ┄┄┄┄┄ ┄┄┄ ┄┄┄┄
┄┄┄┄ ┄┄┄┄┄ ┄ ┄┄┄ ┄┄┄┄┄┄ ┄┄ ┄┄┄┄┄ ┄┄┄ ┄┄┄┄ ┄┄ ┄┄┄┄┄ ┄┄┄
┄┄┄┄ ┄ ┄┄┄ ┄┄┄┄┄┄ ┄┄ ┄┄┄┄┄ ┄┄┄ ┄┄┄┄ ┄┄ ┄┄┄┄┄ ┄┄┄ ┄┄┄┄ ┄
┄┄┄ ┄┄┄┄┄ ┄ ┄┄┄ ┄┄┄┄┄┄ ┄┄ ┄┄┄┄┄ ┄┄┄ ┄┄┄┄ ┄┄ ┄┄┄┄┄ ┄┄┄ ┄
┄┄ ┄ ┄┄┄ ┄┄┄┄┄┄ ┄┄ ┄┄┄┄┄ ┄┄┄ ┄┄┄┄ ┄┄ ┄┄┄┄┄ ┄┄┄ ┄┄┄┄ ┄┄┄
┄ ┄┄┄┄┄ ┄ ┄┄┄ ┄┄┄┄┄┄ ┄┄ ┄┄┄┄┄ ┄┄┄ ┄┄┄┄ ┄┄ ┄┄┄┄┄ ┄┄┄ ┄┄┄
┄ ┄┄┄┄ ┄┄┄┄┄ ┄ ┄┄┄ ┄┄┄┄┄┄ ┄┄ ┄┄┄┄┄ ┄┄┄ ┄┄┄┄ ┄┄ ┄┄┄┄┄ ┄┄
┄┄┄┄┄ ┄ ┄┄┄ ┄┄┄┄┄┄ ┄┄ ┄┄┄┄┄ ┄┄┄ ┄┄┄┄ ┄┄ ┄┄┄┄┄ ┄┄┄ ┄┄┄┄
┄┄┄┄ ┄┄┄┄┄ ┄ ┄┄┄ ┄┄┄┄┄┄ ┄┄ ┄┄┄┄┄ ┄┄┄ ┄┄┄┄ ┄┄ ┄┄┄┄┄ ┄┄┄
Infanterie-Regiment Nr. 30, Saarlouis.
┄ ┄┄┄┄ ┄┄┄┄┄ ┄ ┄┄┄ ┄┄┄┄┄┄ ┄┄ ┄┄┄┄┄ ┄┄┄ ┄┄┄┄ ┄┄ ┄┄┄┄┄ ┄┄
┄┄┄┄┄ ┄ ┄┄┄ ┄┄┄┄┄┄ ┄┄ ┄┄┄┄┄ ┄┄┄ ┄┄┄┄ ┄┄ ┄┄┄┄┄ ┄┄┄ ┄┄┄┄
┄┄┄┄ ┄┄┄┄┄ ┄ ┄┄┄ ┄┄┄┄┄┄ ┄┄ ┄┄┄┄┄ ┄┄┄ ┄┄┄┄ ┄┄ ┄┄┄┄┄ ┄┄┄
┄┄┄ ┄ ┄┄┄ ┄┄┄┄┄┄ ┄┄ ┄┄┄┄┄ ┄┄┄ ┄┄┄┄ ┄┄ ┄┄┄┄┄ ┄┄┄ ┄┄┄┄ ┄┄
┄┄ ┄┄┄┄┄ ┄ ┄┄┄ ┄┄┄┄┄┄ ┄┄ ┄┄┄┄┄ ┄┄┄ ┄┄┄┄ ┄┄ ┄┄┄┄┄ ┄┄┄ ┄┄
┄ ┄ ┄┄┄ ┄┄┄┄┄┄ ┄┄ ┄┄┄┄┄ ┄┄┄ ┄┄┄┄ ┄┄ ┄┄┄┄┄ ┄┄┄ ┄┄┄┄ ┄┄┄┄
┄┄┄┄┄ ┄ ┄┄┄ ┄┄┄┄┄┄ ┄┄ ┄┄┄┄┄ ┄┄┄ ┄┄┄┄ ┄┄ ┄┄┄┄┄ ┄┄┄ ┄┄┄┄
┄┄┄┄ ┄┄┄┄┄ ┄ ┄┄┄ ┄┄┄┄┄┄ ┄┄ ┄┄┄┄┄ ┄┄┄ ┄┄┄┄ ┄┄ ┄┄┄┄┄ ┄┄┄
┄┄┄┄ ┄ ┄┄┄ ┄┄┄┄┄┄ ┄┄ ┄┄┄┄┄ ┄┄┄ ┄┄┄┄ ┄┄ ┄┄┄┄┄ ┄┄┄ ┄┄┄┄ ┄
┄┄┄ ┄┄┄┄┄ ┄ ┄┄┄ ┄┄┄┄┄┄ ┄┄ ┄┄┄┄┄ ┄┄┄ ┄┄┄┄ ┄┄ ┄┄┄┄┄ ┄┄┄ ┄
┄┄ ┄ ┄┄┄ ┄┄┄┄┄┄ ┄┄ ┄┄┄┄┄ ┄┄┄ ┄┄┄┄ ┄┄ ┄┄┄┄┄ ┄┄┄ ┄┄┄┄ ┄┄┄
┄ ┄┄┄┄┄ ┄ ┄┄┄ ┄┄┄┄┄┄ ┄┄ ┄┄┄┄┄ ┄┄┄ ┄┄┄┄ ┄┄ ┄┄┄┄┄ ┄┄┄ ┄┄┄
┄ ┄┄┄┄ ┄┄┄┄┄ ┄ ┄┄┄ ┄┄┄┄┄┄ ┄┄ ┄┄┄┄┄ ┄┄┄ ┄┄┄┄ ┄┄ ┄┄┄┄┄ ┄┄
┄┄┄┄┄ ┄ ┄┄┄ ┄┄┄┄┄┄ ┄┄ ┄┄┄┄┄ ┄┄┄ ┄┄┄┄ ┄┄ ┄┄┄┄┄ ┄┄┄ ┄┄┄┄
┄┄┄┄ ┄┄┄┄┄ ┄ ┄┄┄ ┄┄┄┄┄┄ ┄┄ ┄┄┄┄┄ ┄┄┄ ┄┄┄┄ ┄┄ ┄┄┄┄┄ ┄┄┄
┄┄┄ ┄ ┄┄┄ ┄┄┄┄┄┄ ┄┄ ┄┄┄┄┄ ┄┄┄ ┄┄┄┄ ┄┄ ┄┄┄┄┄ ┄┄┄ ┄┄┄┄ ┄┄
┄┄ ┄┄┄┄┄ ┄ ┄┄┄ ┄┄┄┄┄┄ ┄┄ ┄┄┄┄┄ ┄┄┄ ┄┄┄┄ ┄┄ ┄┄┄┄┄ ┄┄┄ ┄┄
┄ ┄ ┄┄┄ ┄┄┄┄┄┄ ┄┄ ┄┄┄┄┄ ┄┄┄ ┄┄┄┄ ┄┄ ┄┄┄┄┄ ┄┄┄ ┄┄┄┄ ┄┄┄┄
┄┄┄┄┄ ┄ ┄┄┄ ┄┄┄┄┄┄ ┄┄ ┄┄┄┄┄ ┄┄┄ ┄┄┄┄ ┄┄ ┄┄┄┄┄ ┄┄┄ ┄┄┄┄
┄┄┄┄ ┄┄┄┄┄ ┄ ┄┄┄ ┄┄┄┄┄┄ ┄┄ ┄┄┄┄┄ ┄┄┄ ┄┄┄┄ ┄┄ ┄┄┄┄┄ ┄┄┄
┄┄┄┄ ┄ ┄┄┄ ┄┄┄┄┄┄ ┄┄ ┄┄┄┄┄ ┄┄┄ ┄┄┄┄ ┄┄ ┄┄┄┄┄ ┄┄┄ ┄┄┄┄ ┄
┄┄┄ ┄┄┄┄┄ ┄ ┄┄┄ ┄┄┄┄┄┄ ┄┄ ┄┄┄┄┄ ┄┄┄ ┄┄┄┄ ┄┄ ┄┄┄┄┄ ┄┄┄ ┄
┄┄ ┄ ┄┄┄ ┄┄┄┄┄┄ ┄┄ ┄┄┄┄┄ ┄┄┄ ┄┄┄┄ ┄┄ ┄┄┄┄┄ ┄┄┄ ┄┄┄┄ ┄┄┄
┄ ┄┄┄┄┄ ┄ ┄┄┄ ┄┄┄┄┄┄ ┄┄ ┄┄┄┄┄ ┄┄┄ ┄┄┄┄ ┄┄ ┄┄┄┄┄ ┄┄┄ ┄┄┄
Landwehr-Infanterie-Regiment Nr. 30.
Weiß, Saarlouis.
┄┄┄ ┄┄┄┄┄ ┄ ┄┄┄ ┄┄┄┄┄┄ ┄┄ ┄┄┄┄┄ ┄┄┄ ┄┄┄┄ ┄┄ ┄┄┄┄┄ ┄┄┄ ┄
┄┄ ┄ ┄┄┄ ┄┄┄┄┄┄ ┄┄ ┄┄┄┄┄ ┄┄┄ ┄┄┄┄ ┄┄ ┄┄┄┄┄ ┄┄┄ ┄┄┄┄ ┄┄┄
┄ ┄┄┄┄┄ ┄ ┄┄┄ ┄┄┄┄┄┄ ┄┄ ┄┄┄┄┄ ┄┄┄ ┄┄┄┄ ┄┄ ┄┄┄┄┄ ┄┄┄ ┄┄┄
┄ ┄┄┄┄ ┄┄┄┄┄ ┄ ┄┄┄ ┄┄┄┄┄┄ ┄┄ ┄┄┄┄┄ ┄┄┄ ┄┄┄┄ ┄┄ ┄┄┄┄┄ ┄┄
┄┄┄┄┄ ┄ ┄┄┄ ┄┄┄┄┄┄ ┄┄ ┄┄┄┄┄ ┄┄┄ ┄┄┄┄ ┄┄ ┄┄┄┄┄ ┄┄┄ ┄┄┄┄
┄┄┄┄ ┄┄┄┄┄ ┄ ┄┄┄ ┄┄┄┄┄┄ ┄┄ ┄┄┄┄┄ ┄┄┄ ┄┄┄┄ ┄┄ ┄┄┄┄┄ ┄┄┄
┄┄┄ ┄ ┄┄┄ ┄┄┄┄┄┄ ┄┄ ┄┄┄┄┄ ┄┄┄ ┄┄┄┄ ┄┄ ┄┄┄┄┄ ┄┄┄ ┄┄┄┄ ┄┄
┄┄ ┄┄┄┄┄ ┄ ┄┄┄ ┄┄┄┄┄┄ ┄┄ ┄┄┄┄┄ ┄┄┄ ┄┄┄┄ ┄┄ ┄┄┄┄┄ ┄┄┄ ┄┄
┄ ┄ ┄┄┄ ┄┄┄┄┄┄ ┄┄ ┄┄┄┄┄ ┄┄┄ ┄┄┄┄ ┄┄ ┄┄┄┄┄ ┄┄┄ ┄┄┄┄ ┄┄┄┄
┄┄┄┄┄ ┄ ┄┄┄ ┄┄┄┄┄┄ ┄┄ ┄┄┄┄┄ ┄┄┄ ┄┄┄┄ ┄┄ ┄┄┄┄┄ ┄┄┄ ┄┄┄┄
┄┄┄┄ ┄┄┄┄┄ ┄ ┄┄┄ ┄┄┄┄┄┄ ┄┄ ┄┄┄┄┄ ┄┄┄ ┄┄┄┄ ┄┄ ┄┄┄┄┄ ┄┄┄
┄┄┄┄ ┄ ┄┄┄ ┄┄┄┄┄┄ ┄┄ ┄┄┄┄┄ ┄┄┄ ┄┄┄┄ ┄┄ ┄┄┄┄┄ ┄┄┄ ┄┄┄┄ ┄
Infanterie-Regiment Nr. 31, Altona.
┄┄┄┄┄ ┄ ┄┄┄ ┄┄┄┄┄┄ ┄┄ ┄┄┄┄┄ ┄┄┄ ┄┄┄┄ ┄┄ ┄┄┄┄┄ ┄┄┄ ┄┄┄┄
┄┄┄┄ ┄┄┄┄┄ ┄ ┄┄┄ ┄┄┄┄┄┄ ┄┄ ┄┄┄┄┄ ┄┄┄ ┄┄┄┄ ┄┄ ┄┄┄┄┄ ┄┄┄
┄┄┄┄ ┄ ┄┄┄ ┄┄┄┄┄┄ ┄┄ ┄┄┄┄┄ ┄┄┄ ┄┄┄┄ ┄┄ ┄┄┄┄┄ ┄┄┄ ┄┄┄┄ ┄
┄┄┄ ┄┄┄┄┄ ┄ ┄┄┄ ┄┄┄┄┄┄ ┄┄ ┄┄┄┄┄ ┄┄┄ ┄┄┄┄ ┄┄ ┄┄┄┄┄ ┄┄┄ ┄
┄┄ ┄ ┄┄┄ ┄┄┄┄┄┄ ┄┄ ┄┄┄┄┄ ┄┄┄ ┄┄┄┄ ┄┄ ┄┄┄┄┄ ┄┄┄ ┄┄┄┄ ┄┄┄
┄ ┄┄┄┄┄ ┄ ┄┄┄ ┄┄┄┄┄┄ ┄┄ ┄┄┄┄┄ ┄┄┄ ┄┄┄┄ ┄┄ ┄┄┄┄┄ ┄┄┄ ┄┄┄
┄ ┄┄┄┄ ┄┄┄┄┄ ┄ ┄┄┄ ┄┄┄┄┄┄ ┄┄ ┄┄┄┄┄ ┄┄┄ ┄┄┄┄ ┄┄ ┄┄┄┄┄ ┄┄
┄┄┄┄┄ ┄ ┄┄┄ ┄┄┄┄┄┄ ┄┄ ┄┄┄┄┄ ┄┄┄ ┄┄┄┄ ┄┄ ┄┄┄┄┄ ┄┄┄ ┄┄┄┄
Reserve-Infanterie-Regiment Nr. 36.
1. Kompagnie
┄┄┄ ┄ ┄┄┄ ┄┄┄┄┄┄ ┄┄ ┄┄┄┄┄ ┄┄┄ ┄┄┄┄ ┄┄ ┄┄┄┄┄ ┄┄┄ ┄┄┄┄ ┄┄
┄┄ ┄┄┄┄┄ ┄ ┄┄┄ ┄┄┄┄┄┄ ┄┄ ┄┄┄┄┄ ┄┄┄ ┄┄┄┄ ┄┄ ┄┄┄┄┄ ┄┄┄ ┄┄
┄ ┄ ┄┄┄ ┄┄┄┄┄┄ ┄┄ ┄┄┄┄┄ ┄┄┄ ┄┄┄┄ ┄┄ ┄┄┄┄┄ ┄┄┄ ┄┄┄┄ ┄┄┄┄
┄┄┄┄┄ ┄ ┄┄┄ ┄┄┄┄┄┄ ┄┄ ┄┄┄┄┄ ┄┄┄ ┄┄┄┄ ┄┄ ┄┄┄┄┄ ┄┄┄ ┄┄┄┄
┄┄┄┄ ┄┄┄┄┄ ┄ ┄┄┄ ┄┄┄┄┄┄ ┄┄ ┄┄┄┄┄ ┄┄┄ ┄┄┄┄ ┄┄ ┄┄┄┄┄ ┄┄┄
┄┄┄┄ ┄ ┄┄┄ ┄┄┄┄┄┄ ┄┄ ┄┄┄┄┄ ┄┄┄ ┄┄┄┄ ┄┄ ┄┄┄┄┄ ┄┄┄ ┄┄┄┄ ┄
┄┄┄ ┄┄┄┄┄ ┄ ┄┄┄ ┄┄┄┄┄┄ ┄┄ ┄┄┄┄┄ ┄┄┄ ┄┄┄┄ ┄┄ ┄┄┄┄┄ ┄┄┄ ┄
┄┄ ┄ ┄┄┄ ┄┄┄┄┄┄ ┄┄ ┄┄┄┄┄ ┄┄┄ ┄┄┄┄ ┄┄ ┄┄┄┄┄ ┄┄┄ ┄┄┄┄ ┄┄┄
┄ ┄┄┄┄┄ ┄ ┄┄┄ ┄┄┄┄┄┄ ┄┄ ┄┄┄┄┄ ┄┄┄ ┄┄┄┄ ┄┄ ┄┄┄┄┄ ┄┄┄ ┄┄┄
┄ ┄┄┄┄ ┄┄┄┄┄ ┄ ┄┄┄ ┄┄┄┄┄┄ ┄┄ ┄┄┄┄┄ ┄┄┄ ┄┄┄┄ ┄┄ ┄┄┄┄┄ ┄┄
┄┄┄┄┄ ┄ ┄┄┄ ┄┄┄┄┄┄ ┄┄ ┄┄┄┄┄ ┄┄┄ ┄┄┄┄ ┄┄ ┄┄┄┄┄ ┄┄┄ ┄┄┄┄
┄┄┄┄ ┄┄┄┄┄ ┄ ┄┄┄ ┄┄┄┄┄┄ ┄┄ ┄┄┄┄┄ ┄┄┄ ┄┄┄┄ ┄┄ ┄┄┄┄┄ ┄┄┄
┄┄┄ ┄ ┄┄┄ ┄┄┄┄┄┄ ┄┄ ┄┄┄┄┄ ┄┄┄ ┄┄┄┄ ┄┄ ┄┄┄┄┄ ┄┄┄ ┄┄┄┄ ┄┄
┄┄ ┄┄┄┄┄ ┄ ┄┄┄ ┄┄┄┄┄┄ ┄┄ ┄┄┄┄┄ ┄┄┄ ┄┄┄┄ ┄┄ ┄┄┄┄┄ ┄┄┄ ┄┄
┄ ┄ ┄┄┄ ┄┄┄┄┄┄ ┄┄ ┄┄┄┄┄ ┄┄┄ ┄┄┄┄ ┄┄ ┄┄┄┄┄ ┄┄┄ ┄┄┄┄ ┄┄┄┄
┄┄┄┄┄ ┄ ┄┄┄ ┄┄┄┄┄┄ ┄┄ ┄┄┄┄┄ ┄┄┄ ┄┄┄┄ ┄┄ ┄┄┄┄┄ ┄┄┄ ┄┄┄┄
┄┄┄┄ ┄┄┄┄┄ ┄ ┄┄┄ ┄┄┄┄┄┄ ┄┄ ┄┄┄┄┄ ┄┄┄ ┄┄┄┄ ┄┄ ┄┄┄┄┄ ┄┄┄
┄┄┄┄ ┄ ┄┄┄ ┄┄┄┄┄┄ ┄┄ ┄┄┄┄┄ ┄┄┄ ┄┄┄┄ ┄┄ ┄┄┄┄┄ ┄┄┄ ┄┄┄┄ ┄
┄┄┄ ┄┄┄┄┄ ┄ ┄┄┄ ┄┄┄┄┄┄ ┄┄ ┄┄┄┄┄ ┄┄┄ ┄┄┄┄ ┄┄ ┄┄┄┄┄ ┄┄┄ ┄
┄┄ ┄ ┄┄┄ ┄┄┄┄┄┄ ┄┄ ┄┄┄┄┄ ┄┄┄ ┄┄┄┄ ┄┄ ┄┄┄┄┄ ┄┄┄ ┄┄┄┄ ┄┄┄
┄ ┄┄┄┄┄ ┄ ┄┄┄ ┄┄┄┄┄┄ ┄┄ ┄┄┄┄┄ ┄┄┄ ┄┄┄┄ ┄┄ ┄┄┄┄┄ ┄┄┄ ┄┄┄
┄ ┄┄┄┄ ┄┄┄┄┄ ┄ ┄┄┄ ┄┄┄┄┄┄ ┄┄ ┄┄┄┄┄ ┄┄┄ ┄┄┄┄ ┄┄ ┄┄┄┄┄ ┄┄
┄┄┄┄┄ ┄ ┄┄┄ ┄┄┄┄┄┄ ┄┄ ┄┄┄┄┄ ┄┄┄ ┄┄┄┄ ┄┄ ┄┄┄┄┄ ┄┄┄ ┄┄┄┄
┄┄┄┄ ┄┄┄┄┄ ┄ ┄┄┄ ┄┄┄┄┄┄ ┄┄ ┄┄┄┄┄ ┄┄┄ ┄┄┄┄ ┄┄ ┄┄┄┄┄ ┄┄┄
┄┄┄ ┄ ┄┄┄ ┄┄┄┄┄┄ ┄┄ ┄┄┄┄┄ ┄┄┄ ┄┄┄┄ ┄┄ ┄┄┄┄┄ ┄┄┄ ┄┄┄┄ ┄┄
┄┄ ┄┄┄┄┄ ┄ ┄┄┄ ┄┄┄┄┄┄ ┄┄ ┄┄┄┄┄ ┄┄┄ ┄┄┄┄ ┄┄ ┄┄┄┄┄ ┄┄┄ ┄┄
┄ ┄ ┄┄┄ ┄┄┄┄┄┄ ┄┄ ┄┄┄┄┄ ┄┄┄ ┄┄┄┄ ┄┄ ┄┄┄┄┄ ┄┄┄ ┄┄┄┄ ┄┄┄┄
┄┄┄┄┄ ┄ ┄┄┄ ┄┄┄┄┄┄ ┄┄ ┄┄┄┄┄ ┄┄┄ ┄┄┄┄ ┄┄ ┄┄┄┄┄ ┄┄┄ ┄┄┄┄
┄┄┄┄ ┄┄┄┄┄ ┄ ┄┄┄ ┄┄┄┄┄┄ ┄┄ ┄┄┄┄┄ ┄┄┄ ┄┄┄┄ ┄┄ ┄┄┄┄┄ ┄┄┄
┄┄┄┄ ┄ ┄┄┄ ┄┄┄┄┄┄ ┄┄ ┄┄┄┄┄ ┄┄┄ ┄┄┄┄ ┄┄ ┄┄┄┄┄ ┄┄┄ ┄┄┄┄ ┄
┄┄┄ ┄┄┄┄┄ ┄ ┄┄┄ ┄┄┄┄┄┄ ┄┄ ┄┄┄┄┄ ┄┄┄ ┄┄┄┄ ┄┄ ┄┄┄┄┄ ┄┄┄ ┄
┄┄ ┄ ┄┄┄ ┄┄┄┄┄┄ ┄┄ ┄┄┄┄┄ ┄┄┄ ┄┄┄┄ ┄┄ ┄┄┄┄┄ ┄┄┄ ┄┄┄┄ ┄┄┄
┄ ┄┄┄┄┄ ┄ ┄┄┄ ┄┄┄┄┄┄ ┄┄ ┄┄┄┄┄ ┄┄┄ ┄┄┄┄ ┄┄ ┄┄┄┄┄ ┄┄┄ ┄┄┄
┄ ┄┄┄┄ ┄┄┄┄┄ ┄ ┄┄┄ ┄┄┄┄┄┄ ┄┄ ┄┄┄┄┄ ┄┄┄ ┄┄┄┄ ┄┄ ┄┄┄┄┄ ┄┄
